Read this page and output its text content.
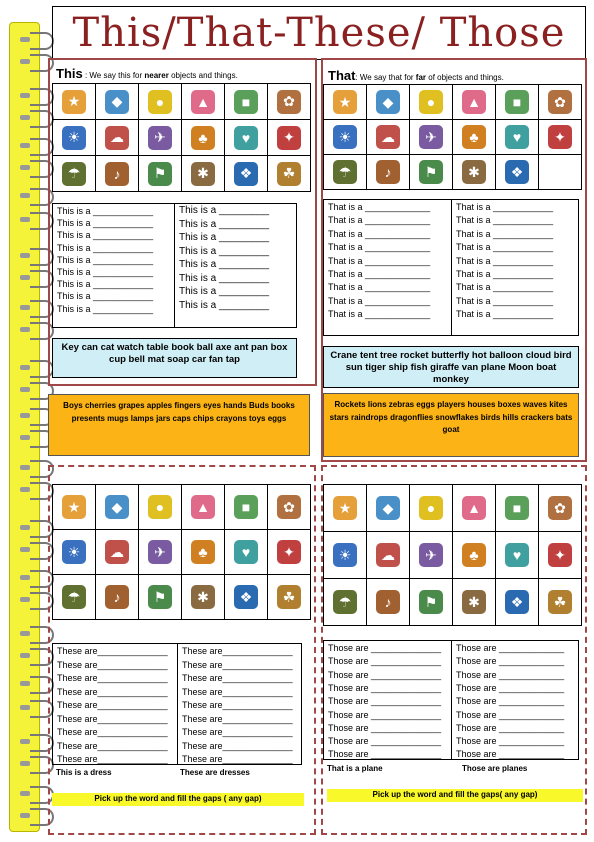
This/That-These/ Those
This : We say this for nearer objects and things.
★	◆	●	▲	■	✿
☀	☁	✈	♣	♥	✦
☂	♪	⚑	✱	❖	☘
This is a ____________
This is a ____________
This is a ____________
This is a ____________
This is a ____________
This is a ____________
This is a ____________
This is a ____________
This is a ____________
This is a _________
This is a _________
This is a _________
This is a _________
This is a _________
This is a _________
This is a _________
This is a _________
Key can cat watch table book ball axe ant pan box cup bell mat soap car fan tap
That: We say that for far of objects and things.
★	◆	●	▲	■	✿
☀	☁	✈	♣	♥	✦
☂	♪	⚑	✱	❖
That is a _____________
That is a _____________
That is a _____________
That is a _____________
That is a _____________
That is a _____________
That is a _____________
That is a _____________
That is a _____________
That is a ____________
That is a ____________
That is a ____________
That is a ____________
That is a ____________
That is a ____________
That is a ____________
That is a ____________
That is a ____________
Crane tent tree rocket butterfly hot balloon cloud bird sun tiger ship fish giraffe van plane Moon boat monkey
Boys cherries grapes apples fingers eyes hands Buds books presents mugs lamps jars caps chips crayons toys eggs
Rockets lions zebras eggs players houses boxes waves kites stars raindrops dragonflies snowflakes birds hills crackers bats goat
★	◆	●	▲	■	✿
☀	☁	✈	♣	♥	✦
☂	♪	⚑	✱	❖	☘
These are______________
These are______________
These are______________
These are______________
These are______________
These are______________
These are______________
These are______________
These are______________
These are______________
These are______________
These are______________
These are______________
These are______________
These are______________
These are______________
These are______________
These are______________
This is a dress	These are dresses
Pick up the word and fill the gaps ( any gap)
★	◆	●	▲	■	✿
☀	☁	✈	♣	♥	✦
☂	♪	⚑	✱	❖	☘
Those are ______________
Those are ______________
Those are ______________
Those are ______________
Those are ______________
Those are ______________
Those are ______________
Those are ______________
Those are ______________
Those are _____________
Those are _____________
Those are _____________
Those are _____________
Those are _____________
Those are _____________
Those are _____________
Those are _____________
Those are _____________
That is a plane	Those are planes
Pick up the word and fill the gaps( any gap)
